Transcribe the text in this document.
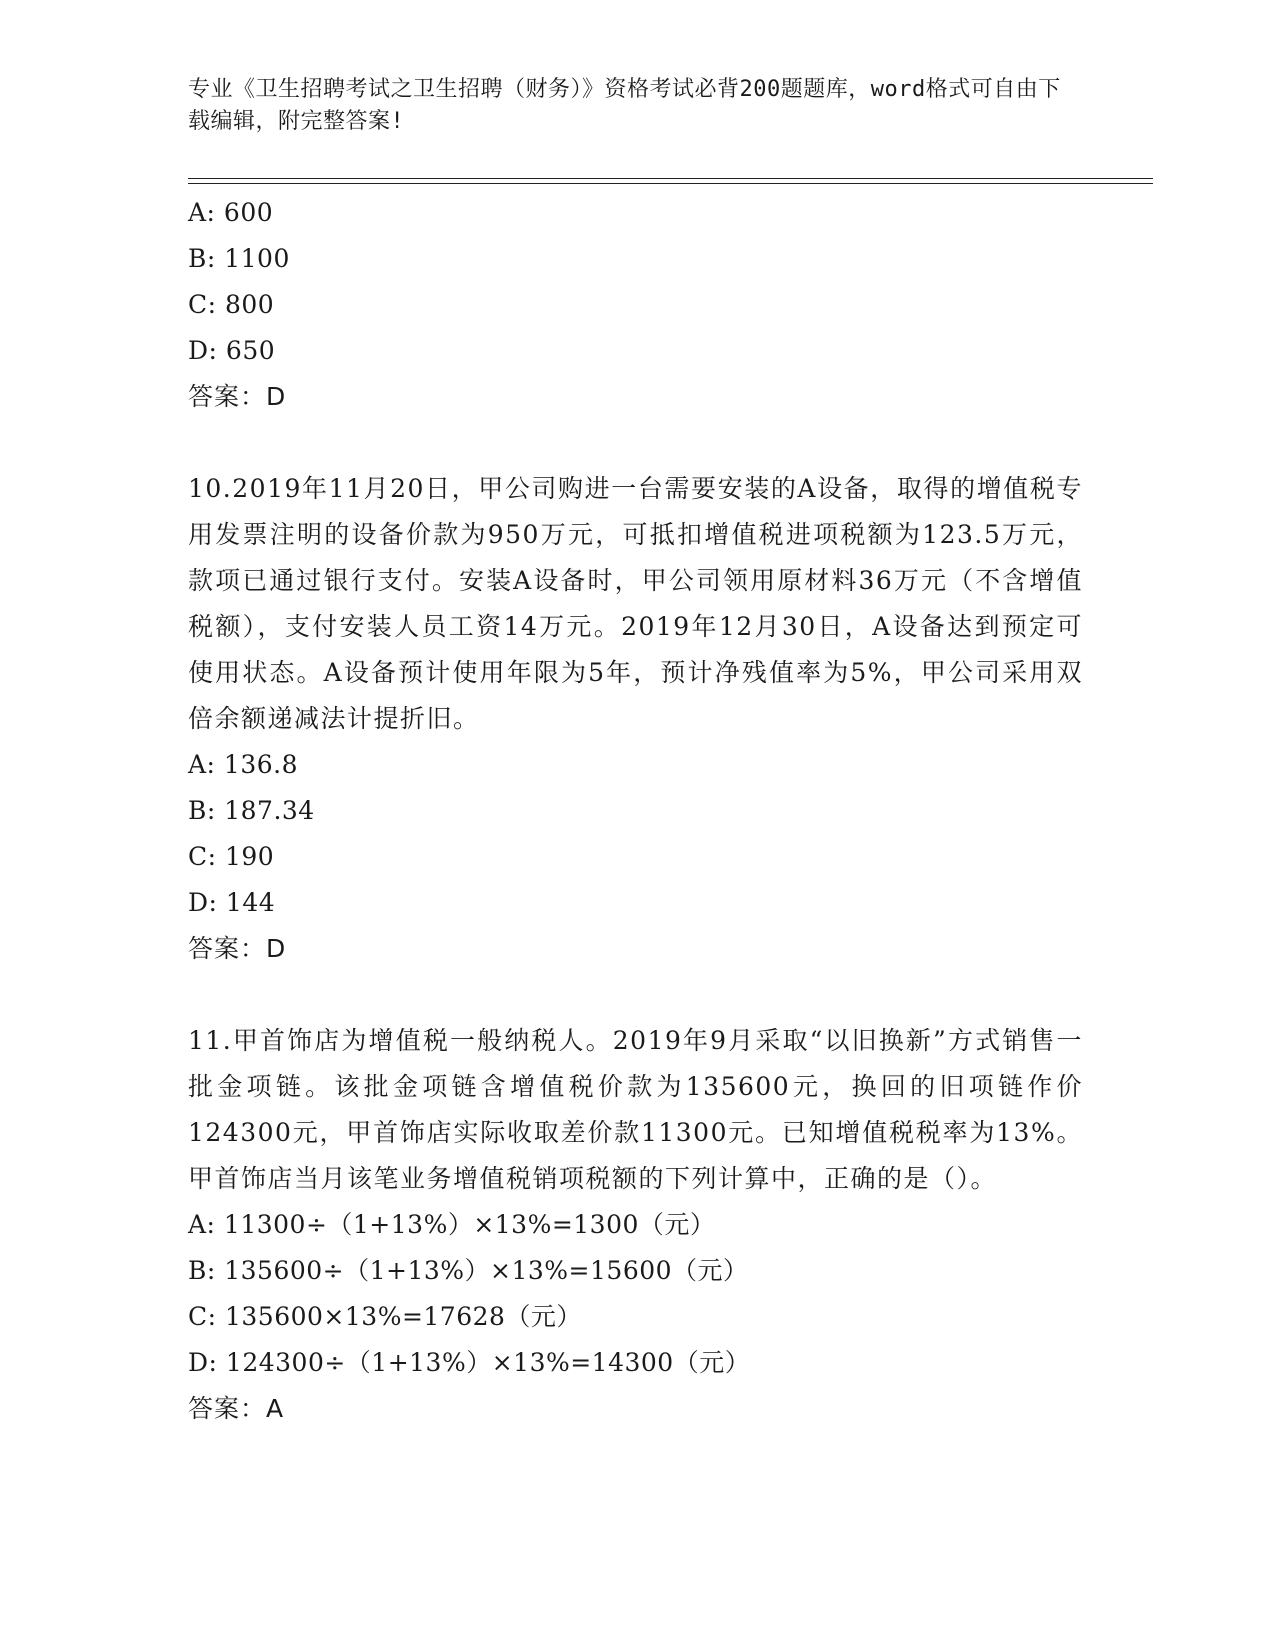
专业《卫生招聘考试之卫生招聘（财务）》资格考试必背200题题库，word格式可自由下载编辑，附完整答案!
A: 600
B: 1100
C: 800
D: 650
答案：D

10.2019年11月20日，甲公司购进一台需要安装的A设备，取得的增值税专用发票注明的设备价款为950万元，可抵扣增值税进项税额为123.5万元，款项已通过银行支付。安装A设备时，甲公司领用原材料36万元（不含增值税额），支付安装人员工资14万元。2019年12月30日，A设备达到预定可使用状态。A设备预计使用年限为5年，预计净残值率为5%，甲公司采用双倍余额递减法计提折旧。

A: 136.8
B: 187.34
C: 190
D: 144
答案：D

11.甲首饰店为增值税一般纳税人。2019年9月采取“以旧换新”方式销售一批金项链。该批金项链含增值税价款为135600元，换回的旧项链作价124300元，甲首饰店实际收取差价款11300元。已知增值税税率为13%。甲首饰店当月该笔业务增值税销项税额的下列计算中，正确的是（）。

A: 11300÷（1+13%）×13%=1300（元）
B: 135600÷（1+13%）×13%=15600（元）
C: 135600×13%=17628（元）
D: 124300÷（1+13%）×13%=14300（元）
答案：A
